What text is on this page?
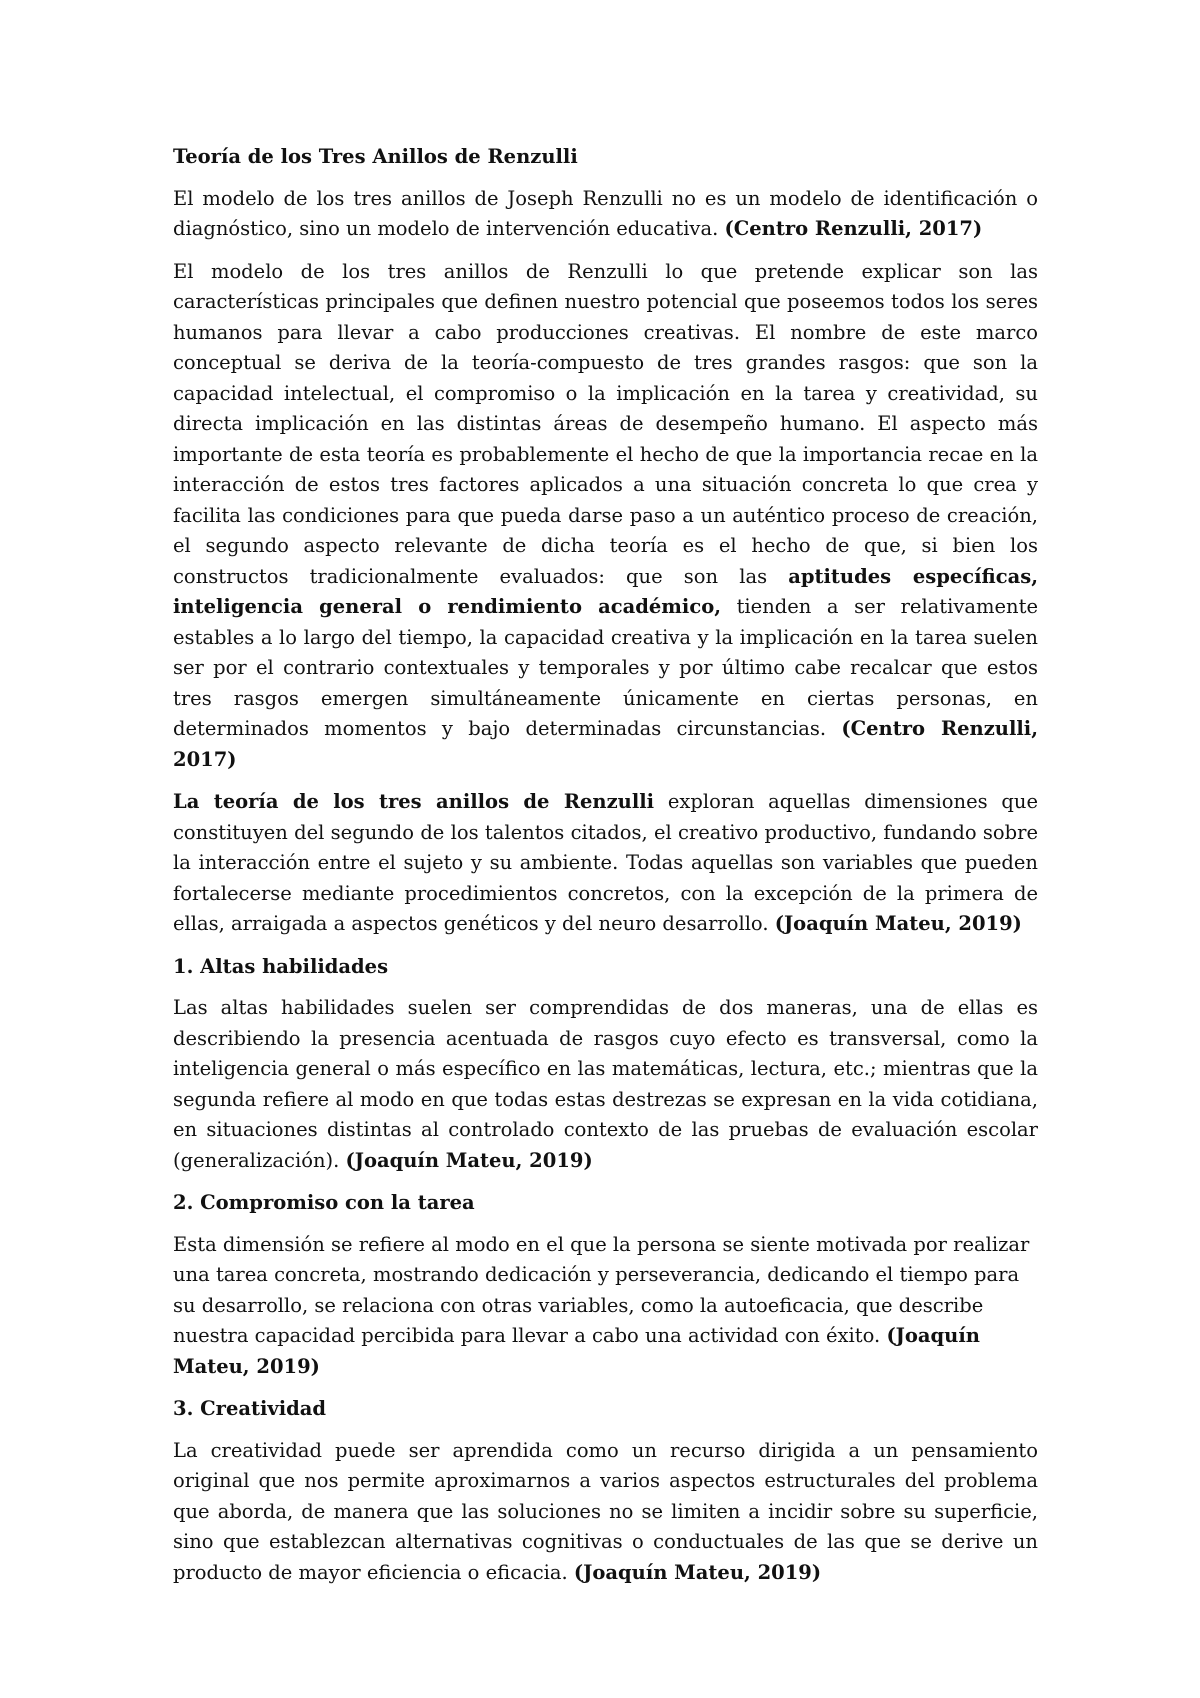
Teoría de los Tres Anillos de Renzulli

El modelo de los tres anillos de Joseph Renzulli no es un modelo de identificación o diagnóstico, sino un modelo de intervención educativa. (Centro Renzulli, 2017)

El modelo de los tres anillos de Renzulli lo que pretende explicar son las características principales que definen nuestro potencial que poseemos todos los seres humanos para llevar a cabo producciones creativas. El nombre de este marco conceptual se deriva de la teoría-compuesto de tres grandes rasgos: que son la capacidad intelectual, el compromiso o la implicación en la tarea y creatividad, su directa implicación en las distintas áreas de desempeño humano. El aspecto más importante de esta teoría es probablemente el hecho de que la importancia recae en la interacción de estos tres factores aplicados a una situación concreta lo que crea y facilita las condiciones para que pueda darse paso a un auténtico proceso de creación, el segundo aspecto relevante de dicha teoría es el hecho de que, si bien los constructos tradicionalmente evaluados: que son las aptitudes específicas, inteligencia general o rendimiento académico, tienden a ser relativamente estables a lo largo del tiempo, la capacidad creativa y la implicación en la tarea suelen ser por el contrario contextuales y temporales y por último cabe recalcar que estos tres rasgos emergen simultáneamente únicamente en ciertas personas, en determinados momentos y bajo determinadas circunstancias. (Centro Renzulli, 2017)

La teoría de los tres anillos de Renzulli exploran aquellas dimensiones que constituyen del segundo de los talentos citados, el creativo productivo, fundando sobre la interacción entre el sujeto y su ambiente. Todas aquellas son variables que pueden fortalecerse mediante procedimientos concretos, con la excepción de la primera de ellas, arraigada a aspectos genéticos y del neuro desarrollo. (Joaquín Mateu, 2019)

1. Altas habilidades

Las altas habilidades suelen ser comprendidas de dos maneras, una de ellas es describiendo la presencia acentuada de rasgos cuyo efecto es transversal, como la inteligencia general o más específico en las matemáticas, lectura, etc.; mientras que la segunda refiere al modo en que todas estas destrezas se expresan en la vida cotidiana, en situaciones distintas al controlado contexto de las pruebas de evaluación escolar (generalización). (Joaquín Mateu, 2019)

2. Compromiso con la tarea

Esta dimensión se refiere al modo en el que la persona se siente motivada por realizar una tarea concreta, mostrando dedicación y perseverancia, dedicando el tiempo para su desarrollo, se relaciona con otras variables, como la autoeficacia, que describe nuestra capacidad percibida para llevar a cabo una actividad con éxito. (Joaquín Mateu, 2019)

3. Creatividad

La creatividad puede ser aprendida como un recurso dirigida a un pensamiento original que nos permite aproximarnos a varios aspectos estructurales del problema que aborda, de manera que las soluciones no se limiten a incidir sobre su superficie, sino que establezcan alternativas cognitivas o conductuales de las que se derive un producto de mayor eficiencia o eficacia. (Joaquín Mateu, 2019)
